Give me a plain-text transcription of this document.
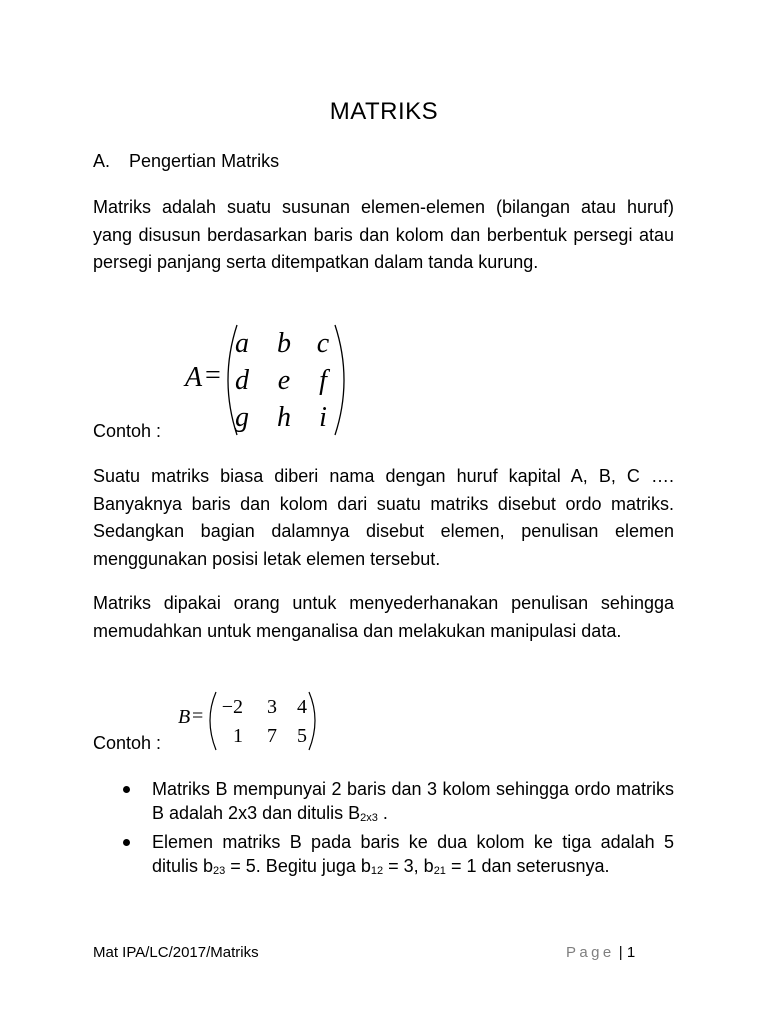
MATRIKS
A. Pengertian Matriks

Matriks adalah suatu susunan elemen-elemen (bilangan atau huruf) yang disusun berdasarkan baris dan kolom dan berbentuk persegi atau persegi panjang serta ditempatkan dalam tanda kurung.

Contoh :
A =
a b c
d	e	f
g h	i

Suatu matriks biasa diberi nama dengan huruf kapital A, B, C …. Banyaknya baris dan kolom dari suatu matriks disebut ordo matriks. Sedangkan bagian dalamnya disebut elemen, penulisan elemen menggunakan posisi letak elemen tersebut.

Matriks dipakai orang untuk menyederhanakan penulisan sehingga memudahkan untuk menganalisa dan melakukan manipulasi data.

Contoh :
B = −2	3	4
1	7	5
Matriks B mempunyai 2 baris dan 3 kolom sehingga ordo matriks B adalah 2x3 dan ditulis $B_{2x3}$ .
Elemen matriks B pada baris ke dua kolom ke tiga adalah 5 ditulis $b_{23} = 5$. Begitu juga $b_{12} = 3$, $b_{21} = 1$ dan seterusnya.
Mat IPA/LC/2017/Matriks	Page | 1
